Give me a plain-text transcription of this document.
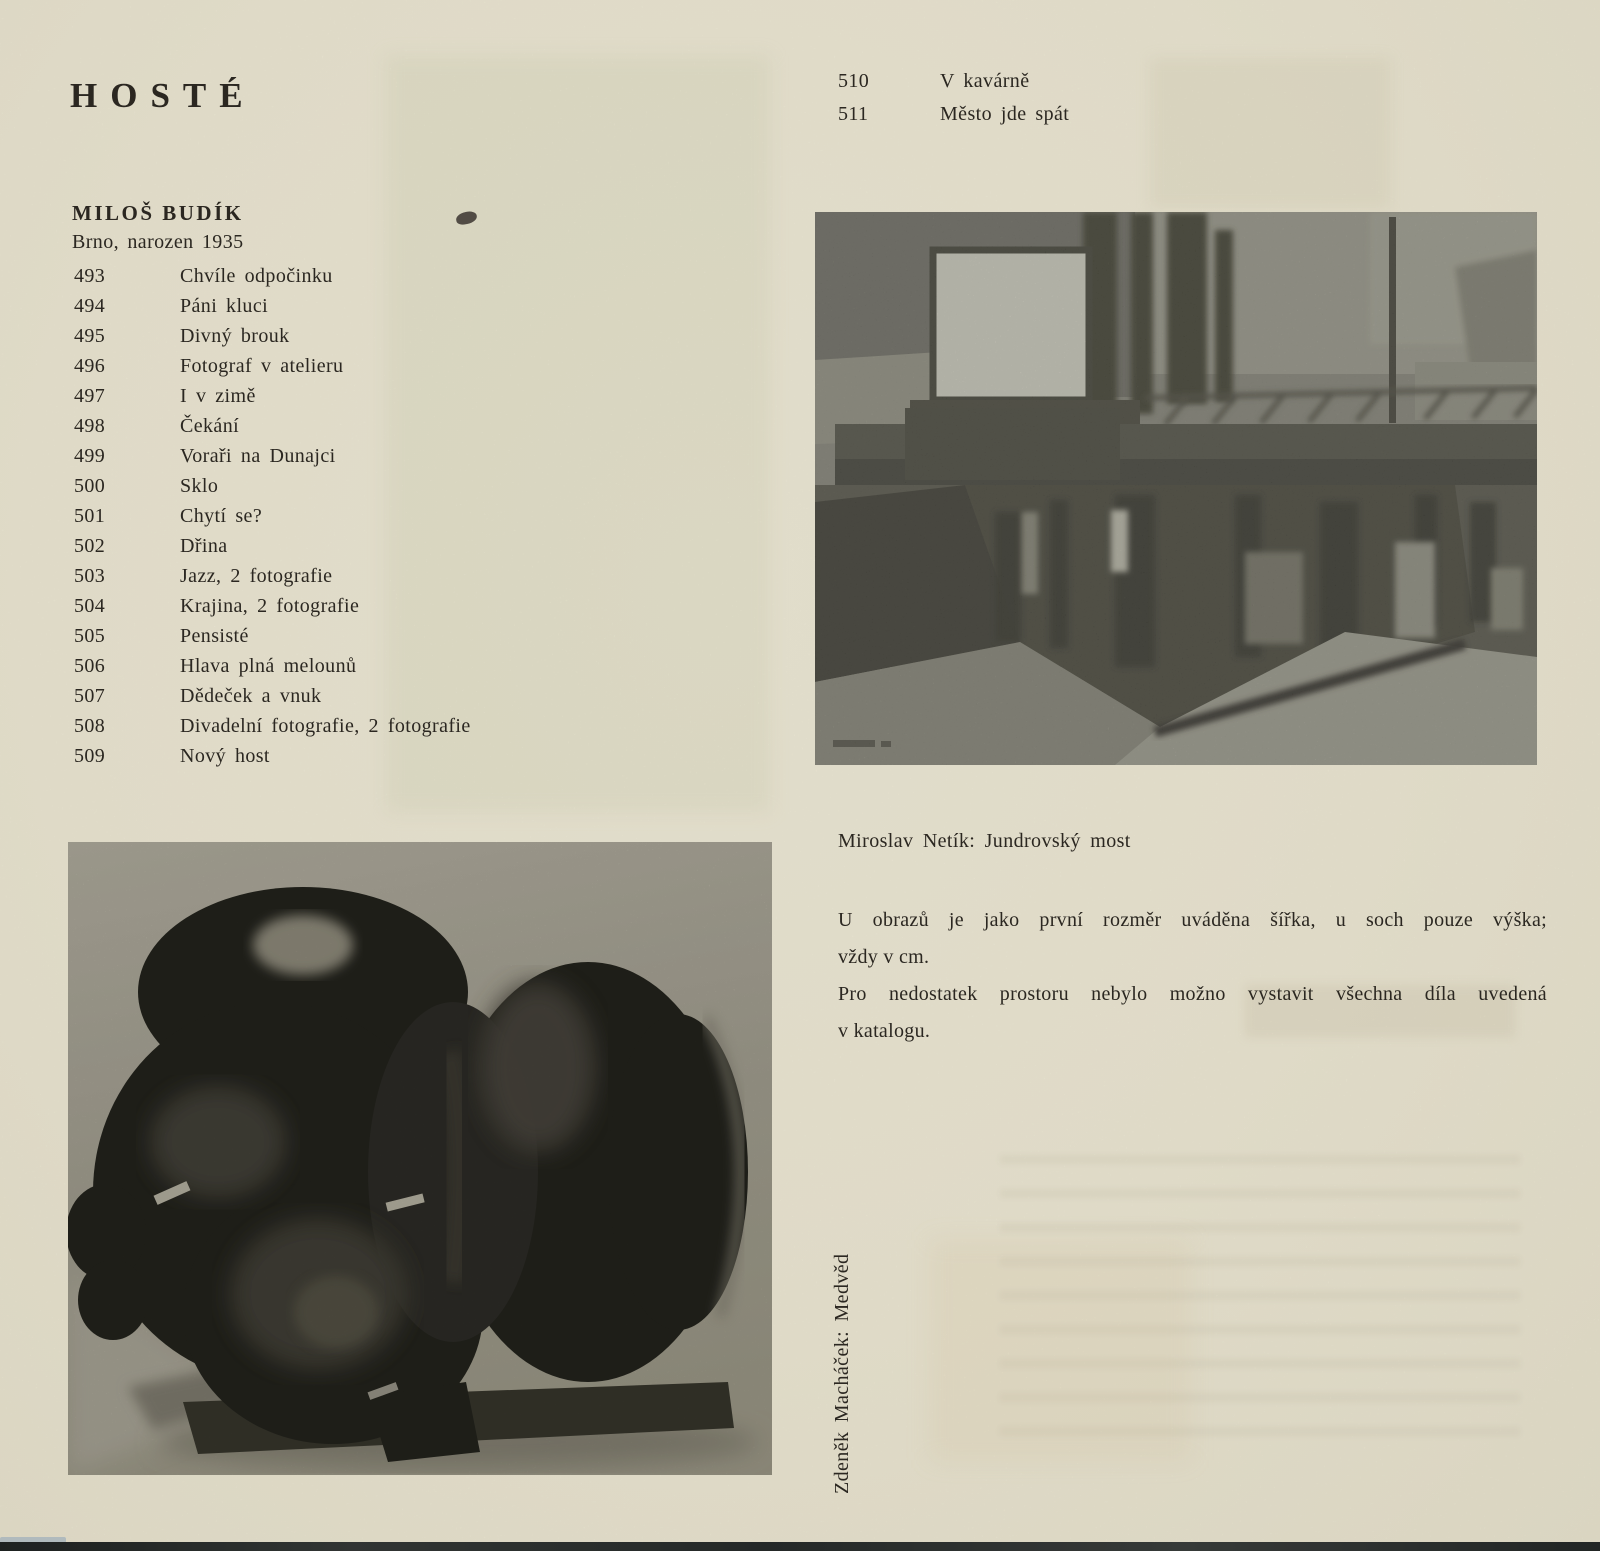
HOSTÉ
MILOŠ BUDÍK
Brno, narozen 1935
493	Chvíle odpočinku
494	Páni kluci
495	Divný brouk
496	Fotograf v atelieru
497	I v zimě
498	Čekání
499	Voraři na Dunajci
500	Sklo
501	Chytí se?
502	Dřina
503	Jazz, 2 fotografie
504	Krajina, 2 fotografie
505	Pensisté
506	Hlava plná melounů
507	Dědeček a vnuk
508	Divadelní fotografie, 2 fotografie
509	Nový host
510	V kavárně
511	Město jde spát
Miroslav Netík: Jundrovský most
U obrazů je jako první rozměr uváděna šířka, u soch pouze výška;
vždy v cm.
Pro nedostatek prostoru nebylo možno vystavit všechna díla uvedená
v katalogu.
Zdeněk Macháček: Medvěd
